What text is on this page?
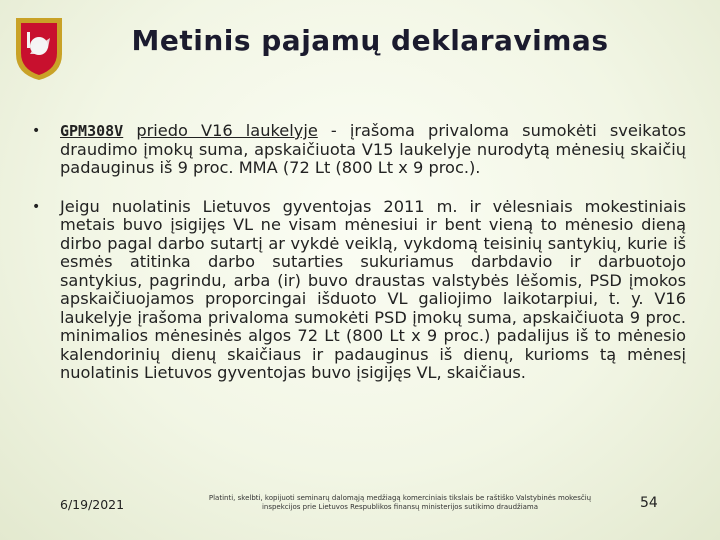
Metinis pajamų deklaravimas
• GPM308V priedo V16 laukelyje - įrašoma privaloma sumokėti sveikatos draudimo įmokų suma, apskaičiuota V15 laukelyje nurodytą mėnesių skaičių padauginus iš 9 proc. MMA (72 Lt (800 Lt x 9 proc.).
• Jeigu nuolatinis Lietuvos gyventojas 2011 m. ir vėlesniais mokestiniais metais buvo įsigijęs VL ne visam mėnesiui ir bent vieną to mėnesio dieną dirbo pagal darbo sutartį ar vykdė veiklą, vykdomą teisinių santykių, kurie iš esmės atitinka darbo sutarties sukuriamus darbdavio ir darbuotojo santykius, pagrindu, arba (ir) buvo draustas valstybės lėšomis, PSD įmokos apskaičiuojamos proporcingai išduoto VL galiojimo laikotarpiui, t. y. V16 laukelyje įrašoma privaloma sumokėti PSD įmokų suma, apskaičiuota 9 proc. minimalios mėnesinės algos 72 Lt (800 Lt x 9 proc.) padalijus iš to mėnesio kalendorinių dienų skaičiaus ir padauginus iš dienų, kurioms tą mėnesį nuolatinis Lietuvos gyventojas buvo įsigijęs VL, skaičiaus.
6/19/2021	Platinti, skelbti, kopijuoti seminarų dalomąją medžiagą komerciniais tikslais be raštiško Valstybinės mokesčių inspekcijos prie Lietuvos Respublikos finansų ministerijos sutikimo draudžiama	54
